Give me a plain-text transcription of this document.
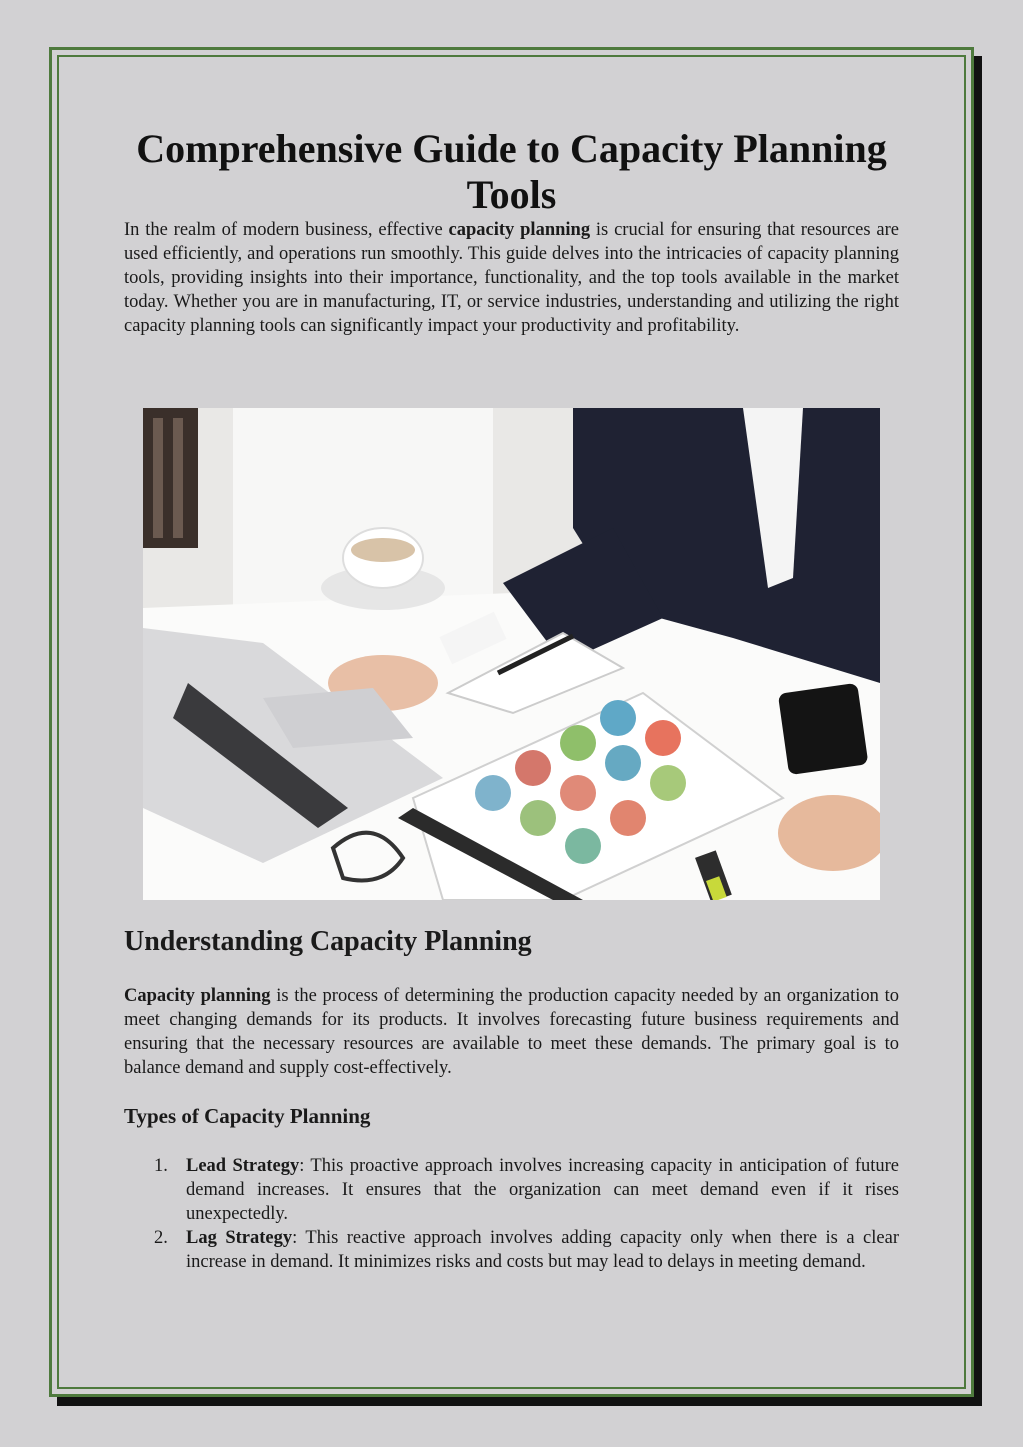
Comprehensive Guide to Capacity Planning Tools

In the realm of modern business, effective capacity planning is crucial for ensuring that resources are used efficiently, and operations run smoothly. This guide delves into the intricacies of capacity planning tools, providing insights into their importance, functionality, and the top tools available in the market today. Whether you are in manufacturing, IT, or service industries, understanding and utilizing the right capacity planning tools can significantly impact your productivity and profitability.

Understanding Capacity Planning

Capacity planning is the process of determining the production capacity needed by an organization to meet changing demands for its products. It involves forecasting future business requirements and ensuring that the necessary resources are available to meet these demands. The primary goal is to balance demand and supply cost-effectively.

Types of Capacity Planning
1. Lead Strategy: This proactive approach involves increasing capacity in anticipation of future demand increases. It ensures that the organization can meet demand even if it rises unexpectedly.
2. Lag Strategy: This reactive approach involves adding capacity only when there is a clear increase in demand. It minimizes risks and costs but may lead to delays in meeting demand.
